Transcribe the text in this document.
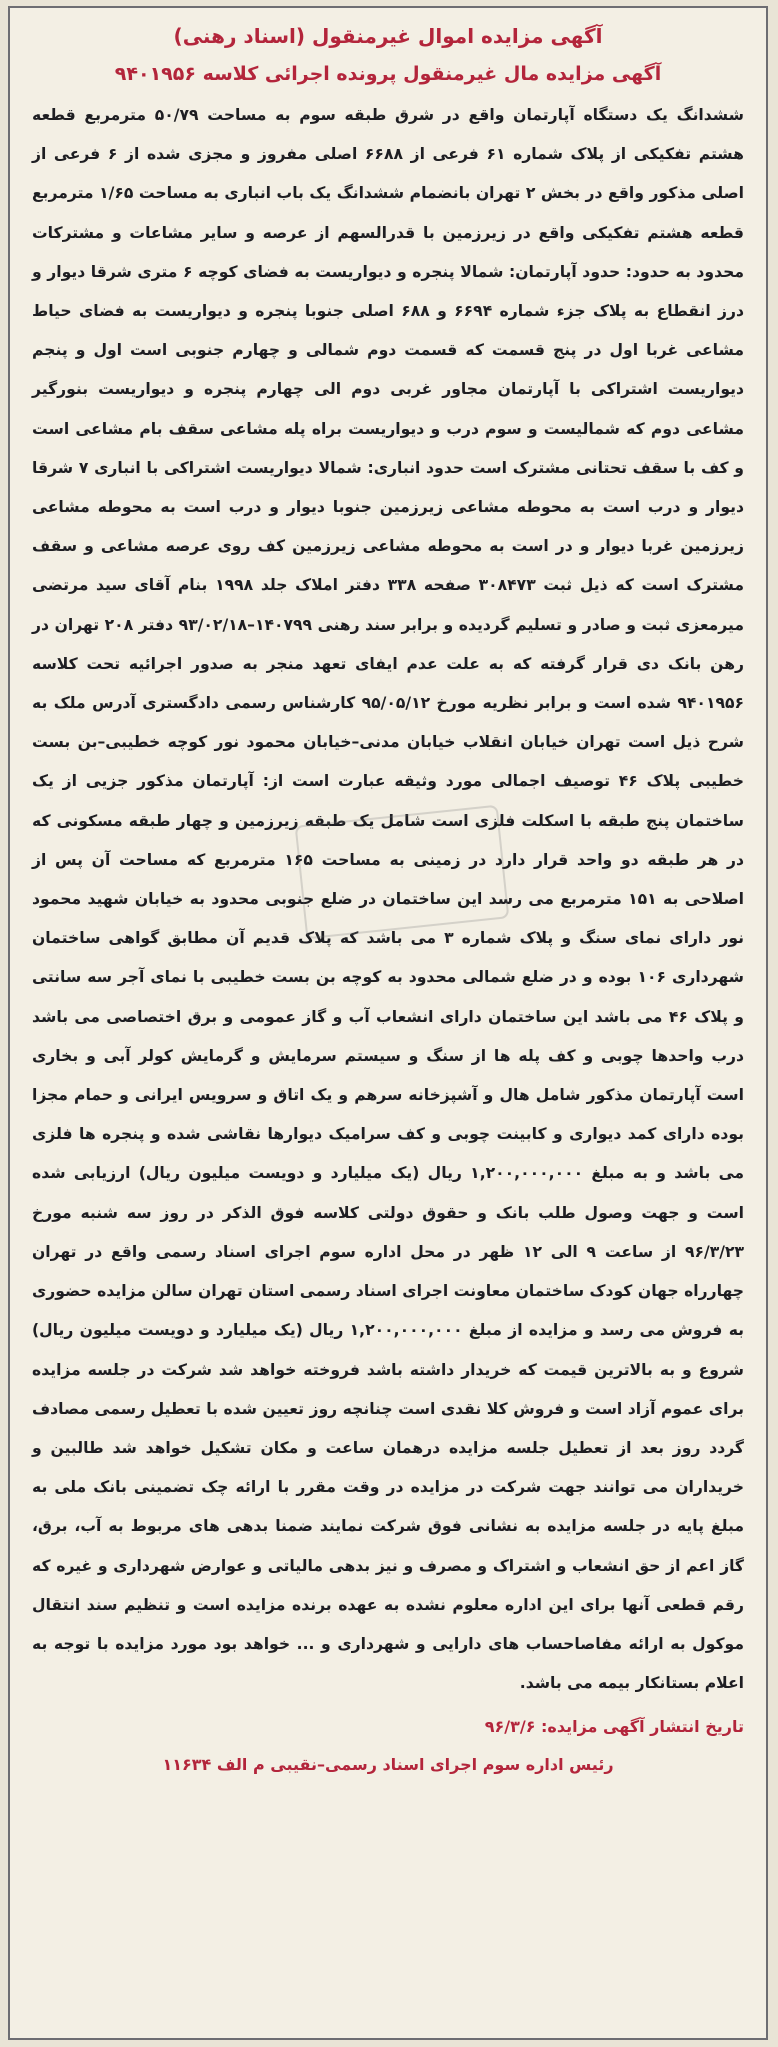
آگهی مزایده اموال غیرمنقول (اسناد رهنی)
آگهی مزایده مال غیرمنقول پرونده اجرائی کلاسه ۹۴۰۱۹۵۶
ششدانگ یک دستگاه آپارتمان واقع در شرق طبقه سوم به مساحت ۵۰/۷۹ مترمربع قطعه هشتم تفکیکی از پلاک شماره ۶۱ فرعی از ۶۶۸۸ اصلی مفروز و مجزی شده از ۶ فرعی از اصلی مذکور واقع در بخش ۲ تهران بانضمام ششدانگ یک باب انباری به مساحت ۱/۶۵ مترمربع قطعه هشتم تفکیکی واقع در زیرزمین با قدرالسهم از عرصه و سایر مشاعات و مشترکات محدود به حدود: حدود آپارتمان: شمالا پنجره و دیواریست به فضای کوچه ۶ متری شرقا دیوار و درز انقطاع به پلاک جزء شماره ۶۶۹۴ و ۶۸۸ اصلی جنوبا پنجره و دیواریست به فضای حیاط مشاعی غربا اول در پنج قسمت که قسمت دوم شمالی و چهارم جنوبی است اول و پنجم دیواریست اشتراکی با آپارتمان مجاور غربی دوم الی چهارم پنجره و دیواریست بنورگیر مشاعی دوم که شمالیست و سوم درب و دیواریست براه پله مشاعی سقف بام مشاعی است و کف با سقف تحتانی مشترک است حدود انباری: شمالا دیواریست اشتراکی با انباری ۷ شرقا دیوار و درب است به محوطه مشاعی زیرزمین جنوبا دیوار و درب است به محوطه مشاعی زیرزمین غربا دیوار و در است به محوطه مشاعی زیرزمین کف روی عرصه مشاعی و سقف مشترک است که ذیل ثبت ۳۰۸۴۷۳ صفحه ۳۳۸ دفتر املاک جلد ۱۹۹۸ بنام آقای سید مرتضی میرمعزی ثبت و صادر و تسلیم گردیده و برابر سند رهنی ۱۴۰۷۹۹–۹۳/۰۲/۱۸ دفتر ۲۰۸ تهران در رهن بانک دی قرار گرفته که به علت عدم ایفای تعهد منجر به صدور اجرائیه تحت کلاسه ۹۴۰۱۹۵۶ شده است و برابر نظریه مورخ ۹۵/۰۵/۱۲ کارشناس رسمی دادگستری آدرس ملک به شرح ذیل است تهران خیابان انقلاب خیابان مدنی–خیابان محمود نور کوچه خطیبی–بن بست خطیبی پلاک ۴۶ توصیف اجمالی مورد وثیقه عبارت است از: آپارتمان مذکور جزیی از یک ساختمان پنج طبقه با اسکلت فلزی است شامل یک طبقه زیرزمین و چهار طبقه مسکونی که در هر طبقه دو واحد قرار دارد در زمینی به مساحت ۱۶۵ مترمربع که مساحت آن پس از اصلاحی به ۱۵۱ مترمربع می رسد این ساختمان در ضلع جنوبی محدود به خیابان شهید محمود نور دارای نمای سنگ و پلاک شماره ۳ می باشد که پلاک قدیم آن مطابق گواهی ساختمان شهرداری ۱۰۶ بوده و در ضلع شمالی محدود به کوچه بن بست خطیبی با نمای آجر سه سانتی و پلاک ۴۶ می باشد این ساختمان دارای انشعاب آب و گاز عمومی و برق اختصاصی می باشد درب واحدها چوبی و کف پله ها از سنگ و سیستم سرمایش و گرمایش کولر آبی و بخاری است آپارتمان مذکور شامل هال و آشپزخانه سرهم و یک اتاق و سرویس ایرانی و حمام مجزا بوده دارای کمد دیواری و کابینت چوبی و کف سرامیک دیوارها نقاشی شده و پنجره ها فلزی می باشد و به مبلغ ۱,۲۰۰,۰۰۰,۰۰۰ ریال (یک میلیارد و دویست میلیون ریال) ارزیابی شده است و جهت وصول طلب بانک و حقوق دولتی کلاسه فوق الذکر در روز سه شنبه مورخ ۹۶/۳/۲۳ از ساعت ۹ الی ۱۲ ظهر در محل اداره سوم اجرای اسناد رسمی واقع در تهران چهارراه جهان کودک ساختمان معاونت اجرای اسناد رسمی استان تهران سالن مزایده حضوری به فروش می رسد و مزایده از مبلغ ۱,۲۰۰,۰۰۰,۰۰۰ ریال (یک میلیارد و دویست میلیون ریال) شروع و به بالاترین قیمت که خریدار داشته باشد فروخته خواهد شد شرکت در جلسه مزایده برای عموم آزاد است و فروش کلا نقدی است چنانچه روز تعیین شده با تعطیل رسمی مصادف گردد روز بعد از تعطیل جلسه مزایده درهمان ساعت و مکان تشکیل خواهد شد طالبین و خریداران می توانند جهت شرکت در مزایده در وقت مقرر با ارائه چک تضمینی بانک ملی به مبلغ پایه در جلسه مزایده به نشانی فوق شرکت نمایند ضمنا بدهی های مربوط به آب، برق، گاز اعم از حق انشعاب و اشتراک و مصرف و نیز بدهی مالیاتی و عوارض شهرداری و غیره که رقم قطعی آنها برای این اداره معلوم نشده به عهده برنده مزایده است و تنظیم سند انتقال موکول به ارائه مفاصاحساب های دارایی و شهرداری و ... خواهد بود مورد مزایده با توجه به اعلام بستانکار بیمه می باشد.
تاریخ انتشار آگهی مزایده: ۹۶/۳/۶
رئیس اداره سوم اجرای اسناد رسمی–نقیبی م الف ۱۱۶۳۴
